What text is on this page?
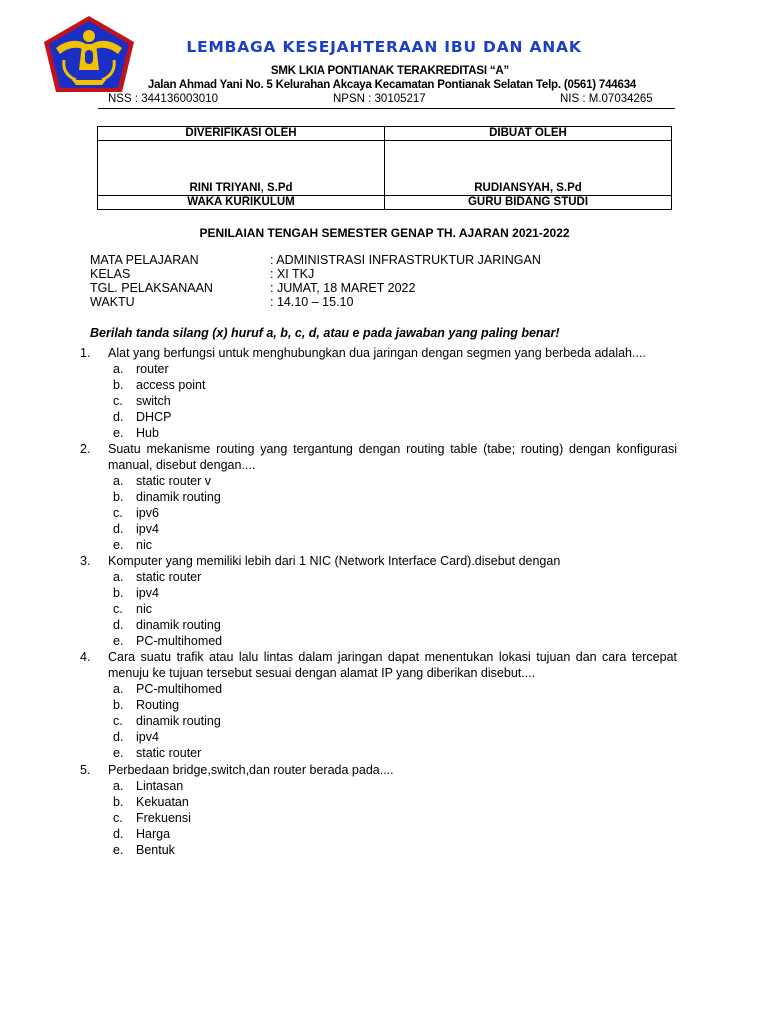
LEMBAGA KESEJAHTERAAN IBU DAN ANAK
SMK LKIA PONTIANAK TERAKREDITASI “A”
Jalan Ahmad Yani No. 5 Kelurahan Akcaya Kecamatan Pontianak Selatan Telp. (0561) 744634
NSS : 344136003010	NPSN : 30105217	NIS : M.07034265
DIVERIFIKASI OLEH	DIBUAT OLEH

RINI TRIYANI, S.Pd	RUDIANSYAH, S.Pd
WAKA KURIKULUM	GURU BIDANG STUDI
PENILAIAN TENGAH SEMESTER GENAP TH. AJARAN 2021-2022
MATA PELAJARAN	: ADMINISTRASI INFRASTRUKTUR JARINGAN
KELAS	: XI TKJ
TGL. PELAKSANAAN	: JUMAT, 18 MARET 2022
WAKTU	: 14.10 – 15.10
Berilah tanda silang (x) huruf a, b, c, d, atau e pada jawaban yang paling benar!
1. Alat yang berfungsi untuk menghubungkan dua jaringan dengan segmen yang berbeda adalah....
a. router
b. access point
c. switch
d. DHCP
e. Hub
2. Suatu mekanisme routing yang tergantung dengan routing table (tabe; routing) dengan konfigurasi manual, disebut dengan....
a. static router v
b. dinamik routing
c. ipv6
d. ipv4
e. nic
3. Komputer yang memiliki lebih dari 1 NIC (Network Interface Card).disebut dengan
a. static router
b. ipv4
c. nic
d. dinamik routing
e. PC-multihomed
4. Cara suatu trafik atau lalu lintas dalam jaringan dapat menentukan lokasi tujuan dan cara tercepat menuju ke tujuan tersebut sesuai dengan alamat IP yang diberikan disebut....
a. PC-multihomed
b. Routing
c. dinamik routing
d. ipv4
e. static router
5. Perbedaan bridge,switch,dan router berada pada....
a. Lintasan
b. Kekuatan
c. Frekuensi
d. Harga
e. Bentuk
